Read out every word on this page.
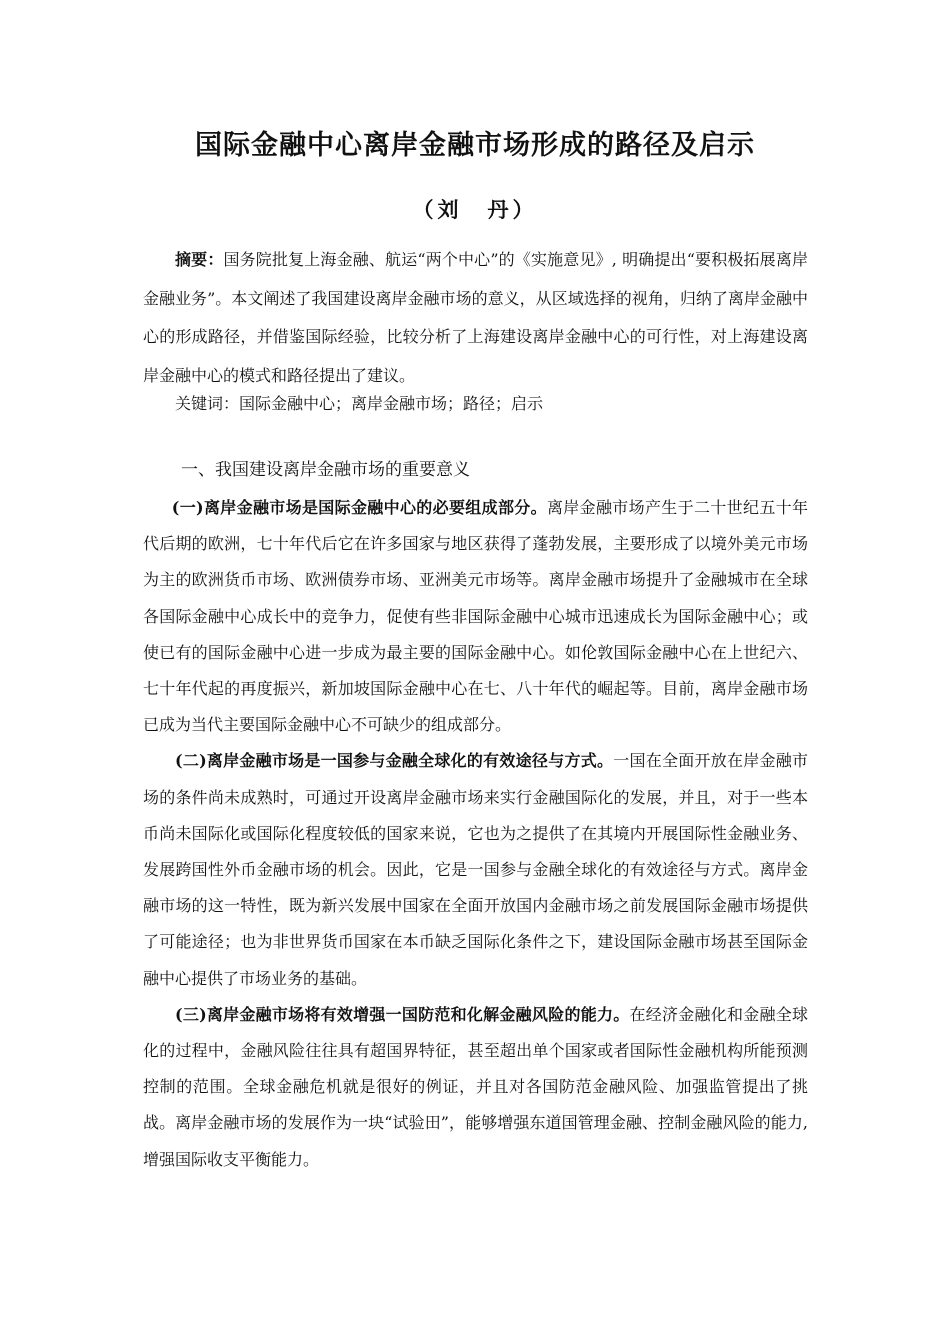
国际金融中心离岸金融市场形成的路径及启示
（刘　丹）

摘要：国务院批复上海金融、航运“两个中心”的《实施意见》, 明确提出“要积极拓展离岸金融业务”。本文阐述了我国建设离岸金融市场的意义，从区域选择的视角，归纳了离岸金融中心的形成路径，并借鉴国际经验，比较分析了上海建设离岸金融中心的可行性，对上海建设离岸金融中心的模式和路径提出了建议。

关键词：国际金融中心；离岸金融市场；路径；启示

一、我国建设离岸金融市场的重要意义

(一)离岸金融市场是国际金融中心的必要组成部分。离岸金融市场产生于二十世纪五十年代后期的欧洲，七十年代后它在许多国家与地区获得了蓬勃发展，主要形成了以境外美元市场为主的欧洲货币市场、欧洲债券市场、亚洲美元市场等。离岸金融市场提升了金融城市在全球各国际金融中心成长中的竞争力，促使有些非国际金融中心城市迅速成长为国际金融中心；或使已有的国际金融中心进一步成为最主要的国际金融中心。如伦敦国际金融中心在上世纪六、七十年代起的再度振兴，新加坡国际金融中心在七、八十年代的崛起等。目前，离岸金融市场已成为当代主要国际金融中心不可缺少的组成部分。

(二)离岸金融市场是一国参与金融全球化的有效途径与方式。一国在全面开放在岸金融市场的条件尚未成熟时，可通过开设离岸金融市场来实行金融国际化的发展，并且，对于一些本币尚未国际化或国际化程度较低的国家来说，它也为之提供了在其境内开展国际性金融业务、发展跨国性外币金融市场的机会。因此，它是一国参与金融全球化的有效途径与方式。离岸金融市场的这一特性，既为新兴发展中国家在全面开放国内金融市场之前发展国际金融市场提供了可能途径；也为非世界货币国家在本币缺乏国际化条件之下，建设国际金融市场甚至国际金融中心提供了市场业务的基础。

(三)离岸金融市场将有效增强一国防范和化解金融风险的能力。在经济金融化和金融全球化的过程中，金融风险往往具有超国界特征，甚至超出单个国家或者国际性金融机构所能预测控制的范围。全球金融危机就是很好的例证，并且对各国防范金融风险、加强监管提出了挑战。离岸金融市场的发展作为一块“试验田”，能够增强东道国管理金融、控制金融风险的能力, 增强国际收支平衡能力。
